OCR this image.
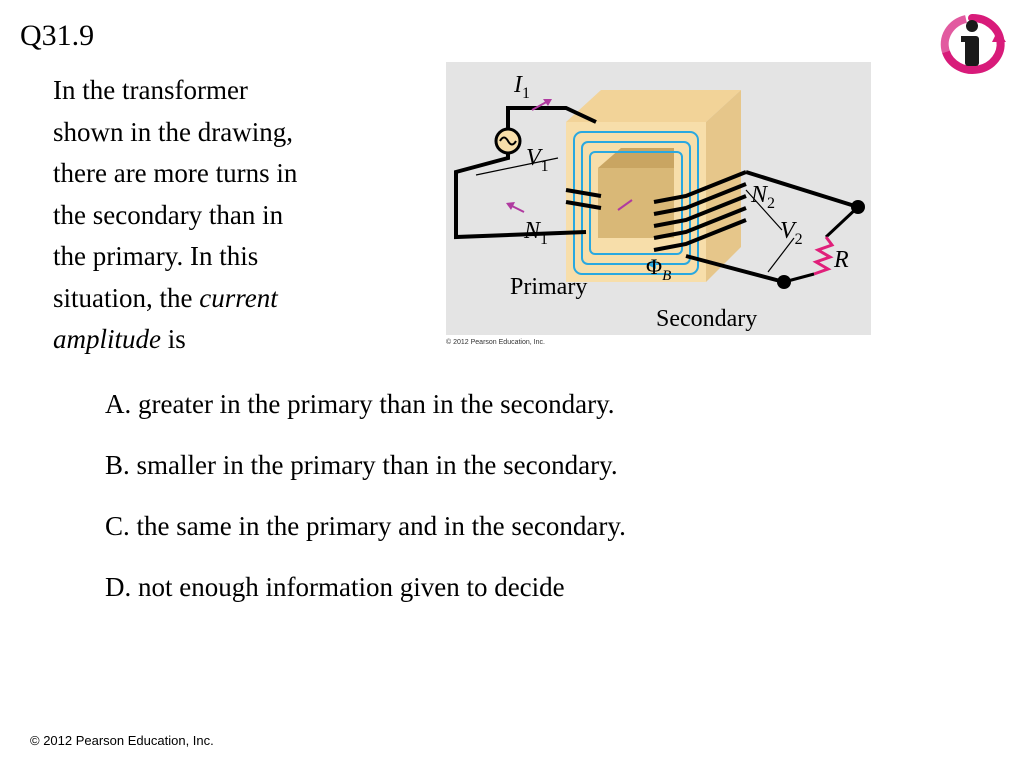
Q31.9
In the transformer
shown in the drawing,
there are more turns in
the secondary than in
the primary. In this
situation, the current
amplitude is
$I_1$
$V_1$
$N_1$
$N_2$
$V_2$
R
$\Phi_B$
Primary
Secondary
© 2012 Pearson Education, Inc.
A. greater in the primary than in the secondary.
B. smaller in the primary than in the secondary.
C. the same in the primary and in the secondary.
D. not enough information given to decide
© 2012 Pearson Education, Inc.
